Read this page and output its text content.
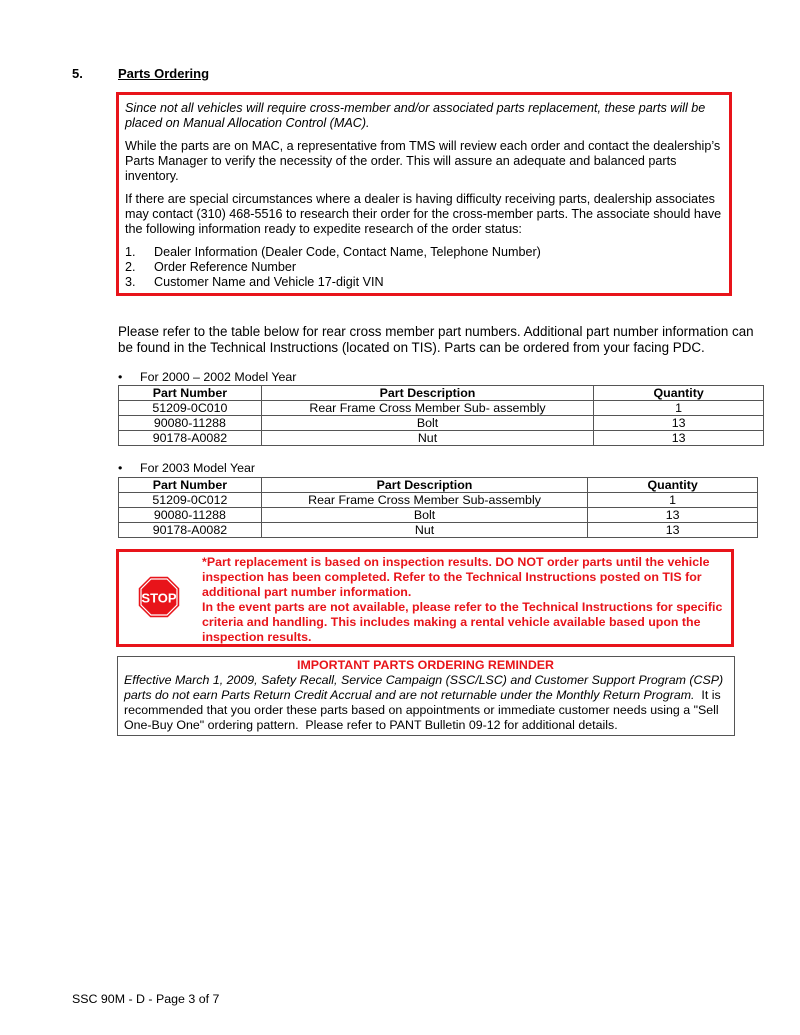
5.	Parts Ordering

Since not all vehicles will require cross-member and/or associated parts replacement, these parts will be placed on Manual Allocation Control (MAC).

While the parts are on MAC, a representative from TMS will review each order and contact the dealership’s Parts Manager to verify the necessity of the order. This will assure an adequate and balanced parts inventory.

If there are special circumstances where a dealer is having difficulty receiving parts, dealership associates may contact (310) 468-5516 to research their order for the cross-member parts. The associate should have the following information ready to expedite research of the order status:

1. Dealer Information (Dealer Code, Contact Name, Telephone Number)
2. Order Reference Number
3. Customer Name and Vehicle 17-digit VIN
Please refer to the table below for rear cross member part numbers. Additional part number information can be found in the Technical Instructions (located on TIS). Parts can be ordered from your facing PDC.
• For 2000 – 2002 Model Year
Part Number	Part Description	Quantity
51209-0C010	Rear Frame Cross Member Sub- assembly	1
90080-11288	Bolt	13
90178-A0082	Nut	13
• For 2003 Model Year
Part Number	Part Description	Quantity
51209-0C012	Rear Frame Cross Member Sub-assembly	1
90080-11288	Bolt	13
90178-A0082	Nut	13
STOP

*Part replacement is based on inspection results. DO NOT order parts until the vehicle inspection has been completed. Refer to the Technical Instructions posted on TIS for additional part number information.

In the event parts are not available, please refer to the Technical Instructions for specific criteria and handling. This includes making a rental vehicle available based upon the inspection results.

IMPORTANT PARTS ORDERING REMINDER
Effective March 1, 2009, Safety Recall, Service Campaign (SSC/LSC) and Customer Support Program (CSP) parts do not earn Parts Return Credit Accrual and are not returnable under the Monthly Return Program.  It is recommended that you order these parts based on appointments or immediate customer needs using a "Sell One-Buy One" ordering pattern.  Please refer to PANT Bulletin 09-12 for additional details.
SSC 90M - D - Page 3 of 7
